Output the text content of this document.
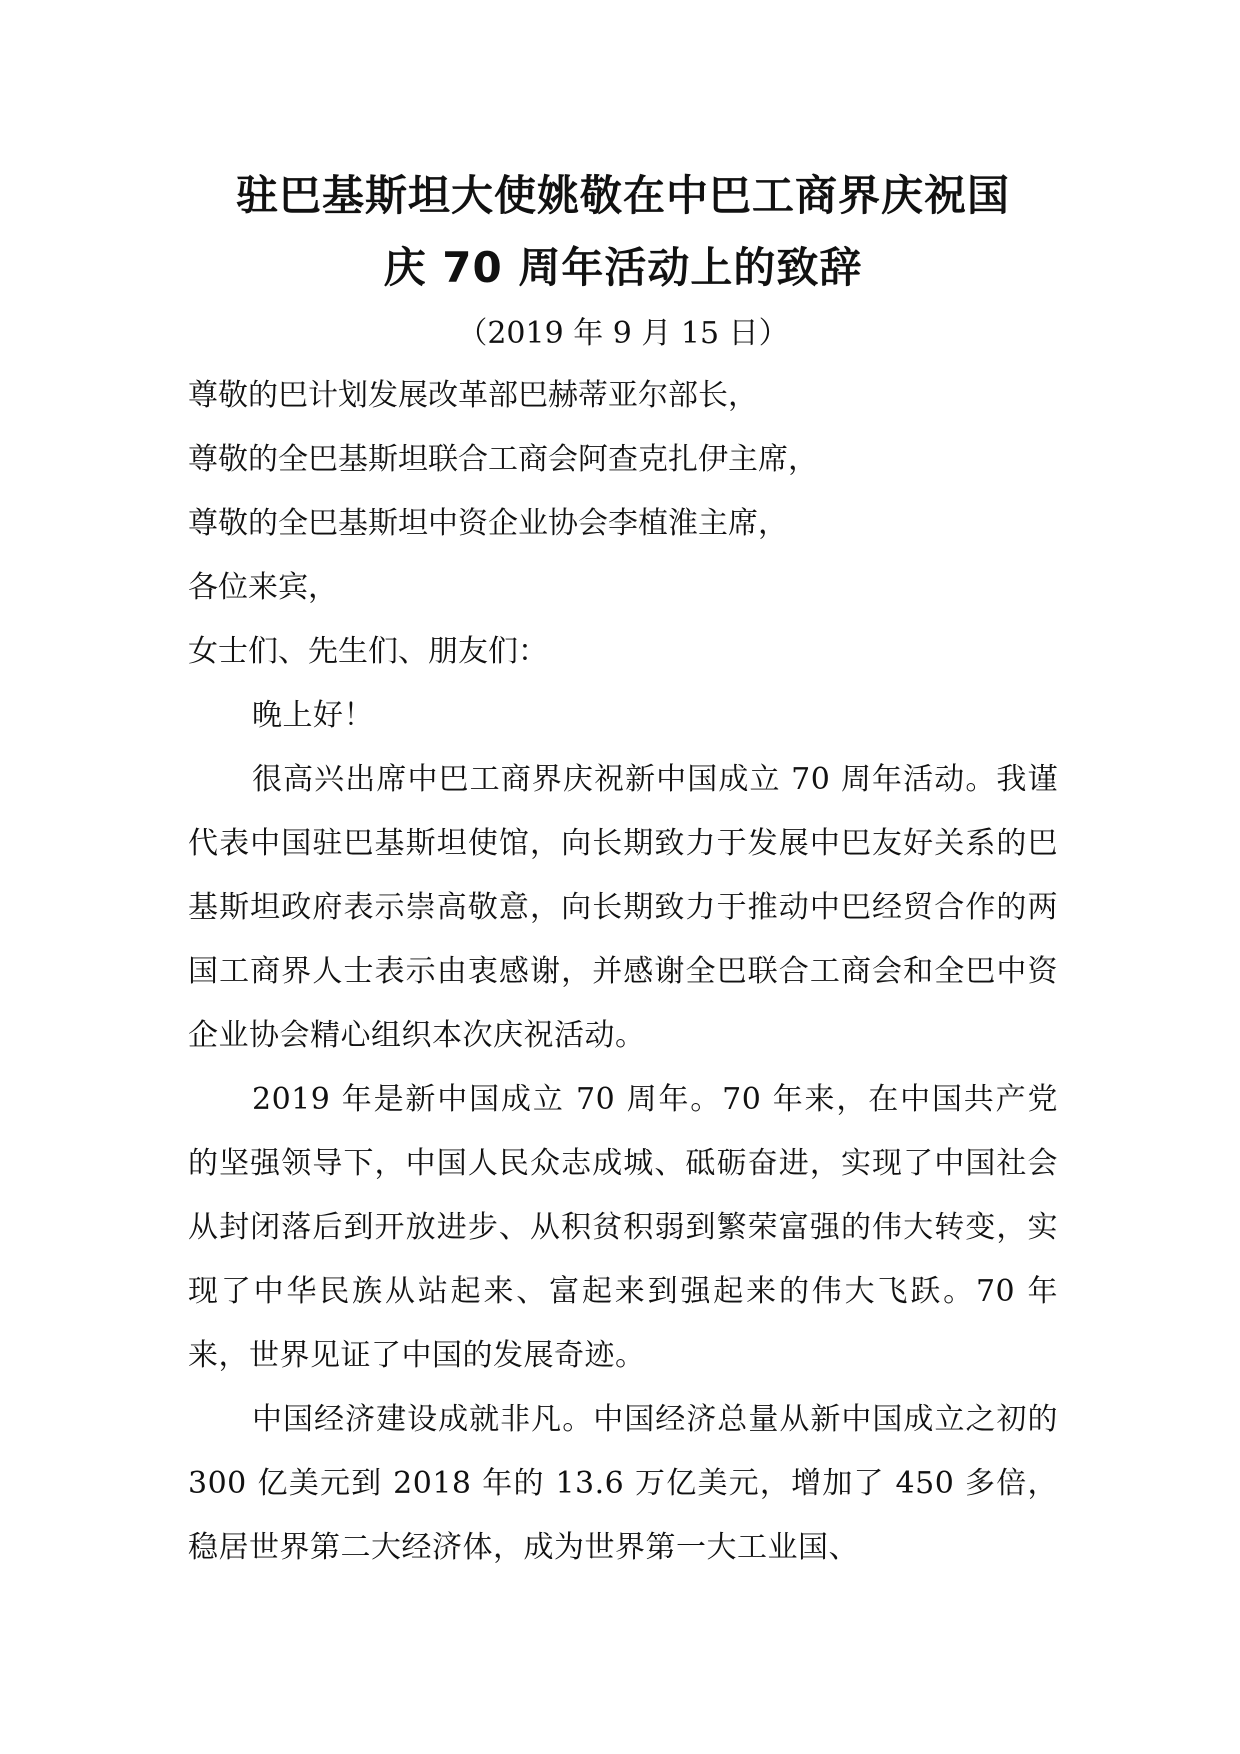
驻巴基斯坦大使姚敬在中巴工商界庆祝国
庆 70 周年活动上的致辞
（2019 年 9 月 15 日）
尊敬的巴计划发展改革部巴赫蒂亚尔部长，
尊敬的全巴基斯坦联合工商会阿查克扎伊主席，
尊敬的全巴基斯坦中资企业协会李植淮主席，
各位来宾，
女士们、先生们、朋友们：

晚上好！

很高兴出席中巴工商界庆祝新中国成立 70 周年活动。我谨代表中国驻巴基斯坦使馆，向长期致力于发展中巴友好关系的巴基斯坦政府表示崇高敬意，向长期致力于推动中巴经贸合作的两国工商界人士表示由衷感谢，并感谢全巴联合工商会和全巴中资企业协会精心组织本次庆祝活动。

2019 年是新中国成立 70 周年。70 年来，在中国共产党的坚强领导下，中国人民众志成城、砥砺奋进，实现了中国社会从封闭落后到开放进步、从积贫积弱到繁荣富强的伟大转变，实现了中华民族从站起来、富起来到强起来的伟大飞跃。70 年来，世界见证了中国的发展奇迹。

中国经济建设成就非凡。中国经济总量从新中国成立之初的 300 亿美元到 2018 年的 13.6 万亿美元，增加了 450 多倍，稳居世界第二大经济体，成为世界第一大工业国、
